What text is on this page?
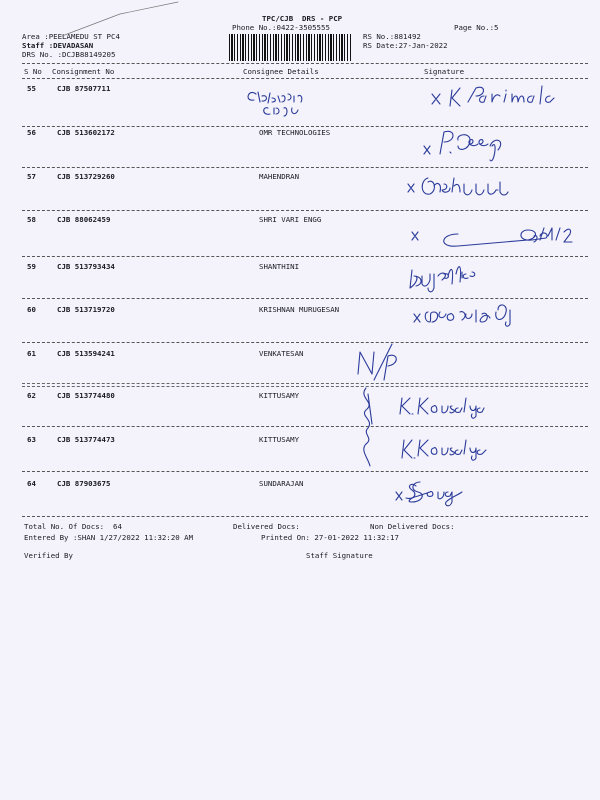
TPC/CJB  DRS - PCP
Phone No.:0422-3505555	Page No.:5
Area :PEELAMEDU ST PC4
Staff :DEVADASAN
DRS No. :DCJB88149205
RS No.:881492
RS Date:27-Jan-2022
S No Consignment No	Consignee Details	Signature
55	CJB 87507711
56	CJB 513602172	OMR TECHNOLOGIES
57	CJB 513729260	MAHENDRAN
58	CJB 88062459	SHRI VARI ENGG
59	CJB 513793434	SHANTHINI
60	CJB 513719720	KRISHNAN MURUGESAN
61	CJB 513594241	VENKATESAN
62	CJB 513774480	KITTUSAMY
63	CJB 513774473	KITTUSAMY
64	CJB 87903675	SUNDARAJAN
Total No. Of Docs:  64	Delivered Docs:	Non Delivered Docs:
Entered By :SHAN 1/27/2022 11:32:20 AM	Printed On: 27-01-2022 11:32:17
Verified By	Staff Signature
